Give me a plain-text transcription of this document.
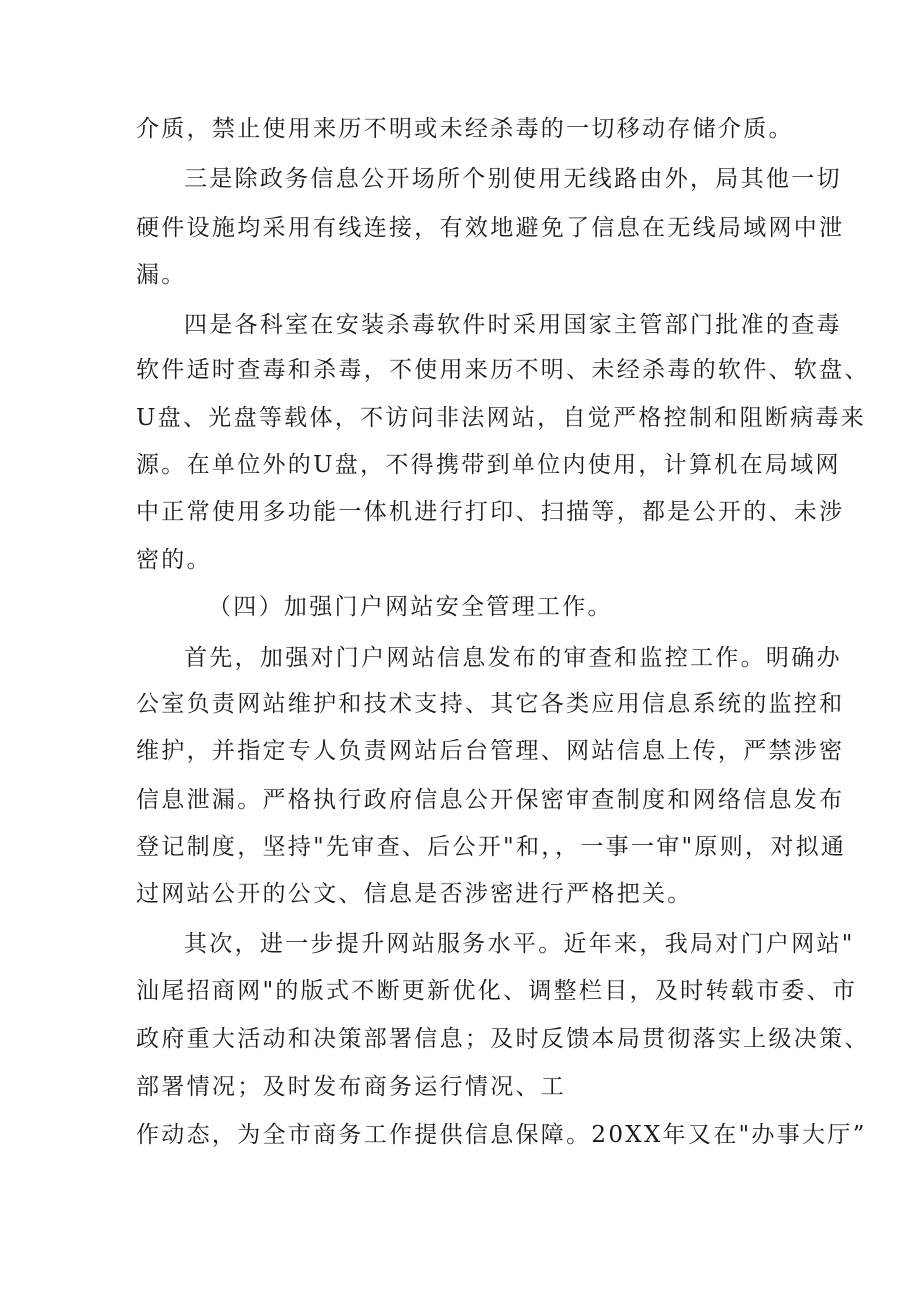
介质，禁止使用来历不明或未经杀毒的一切移动存储介质。
三是除政务信息公开场所个别使用无线路由外，局其他一切
硬件设施均采用有线连接，有效地避免了信息在无线局域网中泄
漏。
四是各科室在安装杀毒软件时采用国家主管部门批准的查毒
软件适时查毒和杀毒，不使用来历不明、未经杀毒的软件、软盘、
U盘、光盘等载体，不访问非法网站，自觉严格控制和阻断病毒来
源。在单位外的U盘，不得携带到单位内使用，计算机在局域网
中正常使用多功能一体机进行打印、扫描等，都是公开的、未涉
密的。
（四）加强门户网站安全管理工作。
首先，加强对门户网站信息发布的审查和监控工作。明确办
公室负责网站维护和技术支持、其它各类应用信息系统的监控和
维护，并指定专人负责网站后台管理、网站信息上传，严禁涉密
信息泄漏。严格执行政府信息公开保密审查制度和网络信息发布
登记制度，坚持"先审查、后公开"和，，一事一审"原则，对拟通
过网站公开的公文、信息是否涉密进行严格把关。
其次，进一步提升网站服务水平。近年来，我局对门户网站"
汕尾招商网"的版式不断更新优化、调整栏目，及时转载市委、市
政府重大活动和决策部署信息；及时反馈本局贯彻落实上级决策、
部署情况；及时发布商务运行情况、工
作动态，为全市商务工作提供信息保障。20XX年又在"办事大厅”
